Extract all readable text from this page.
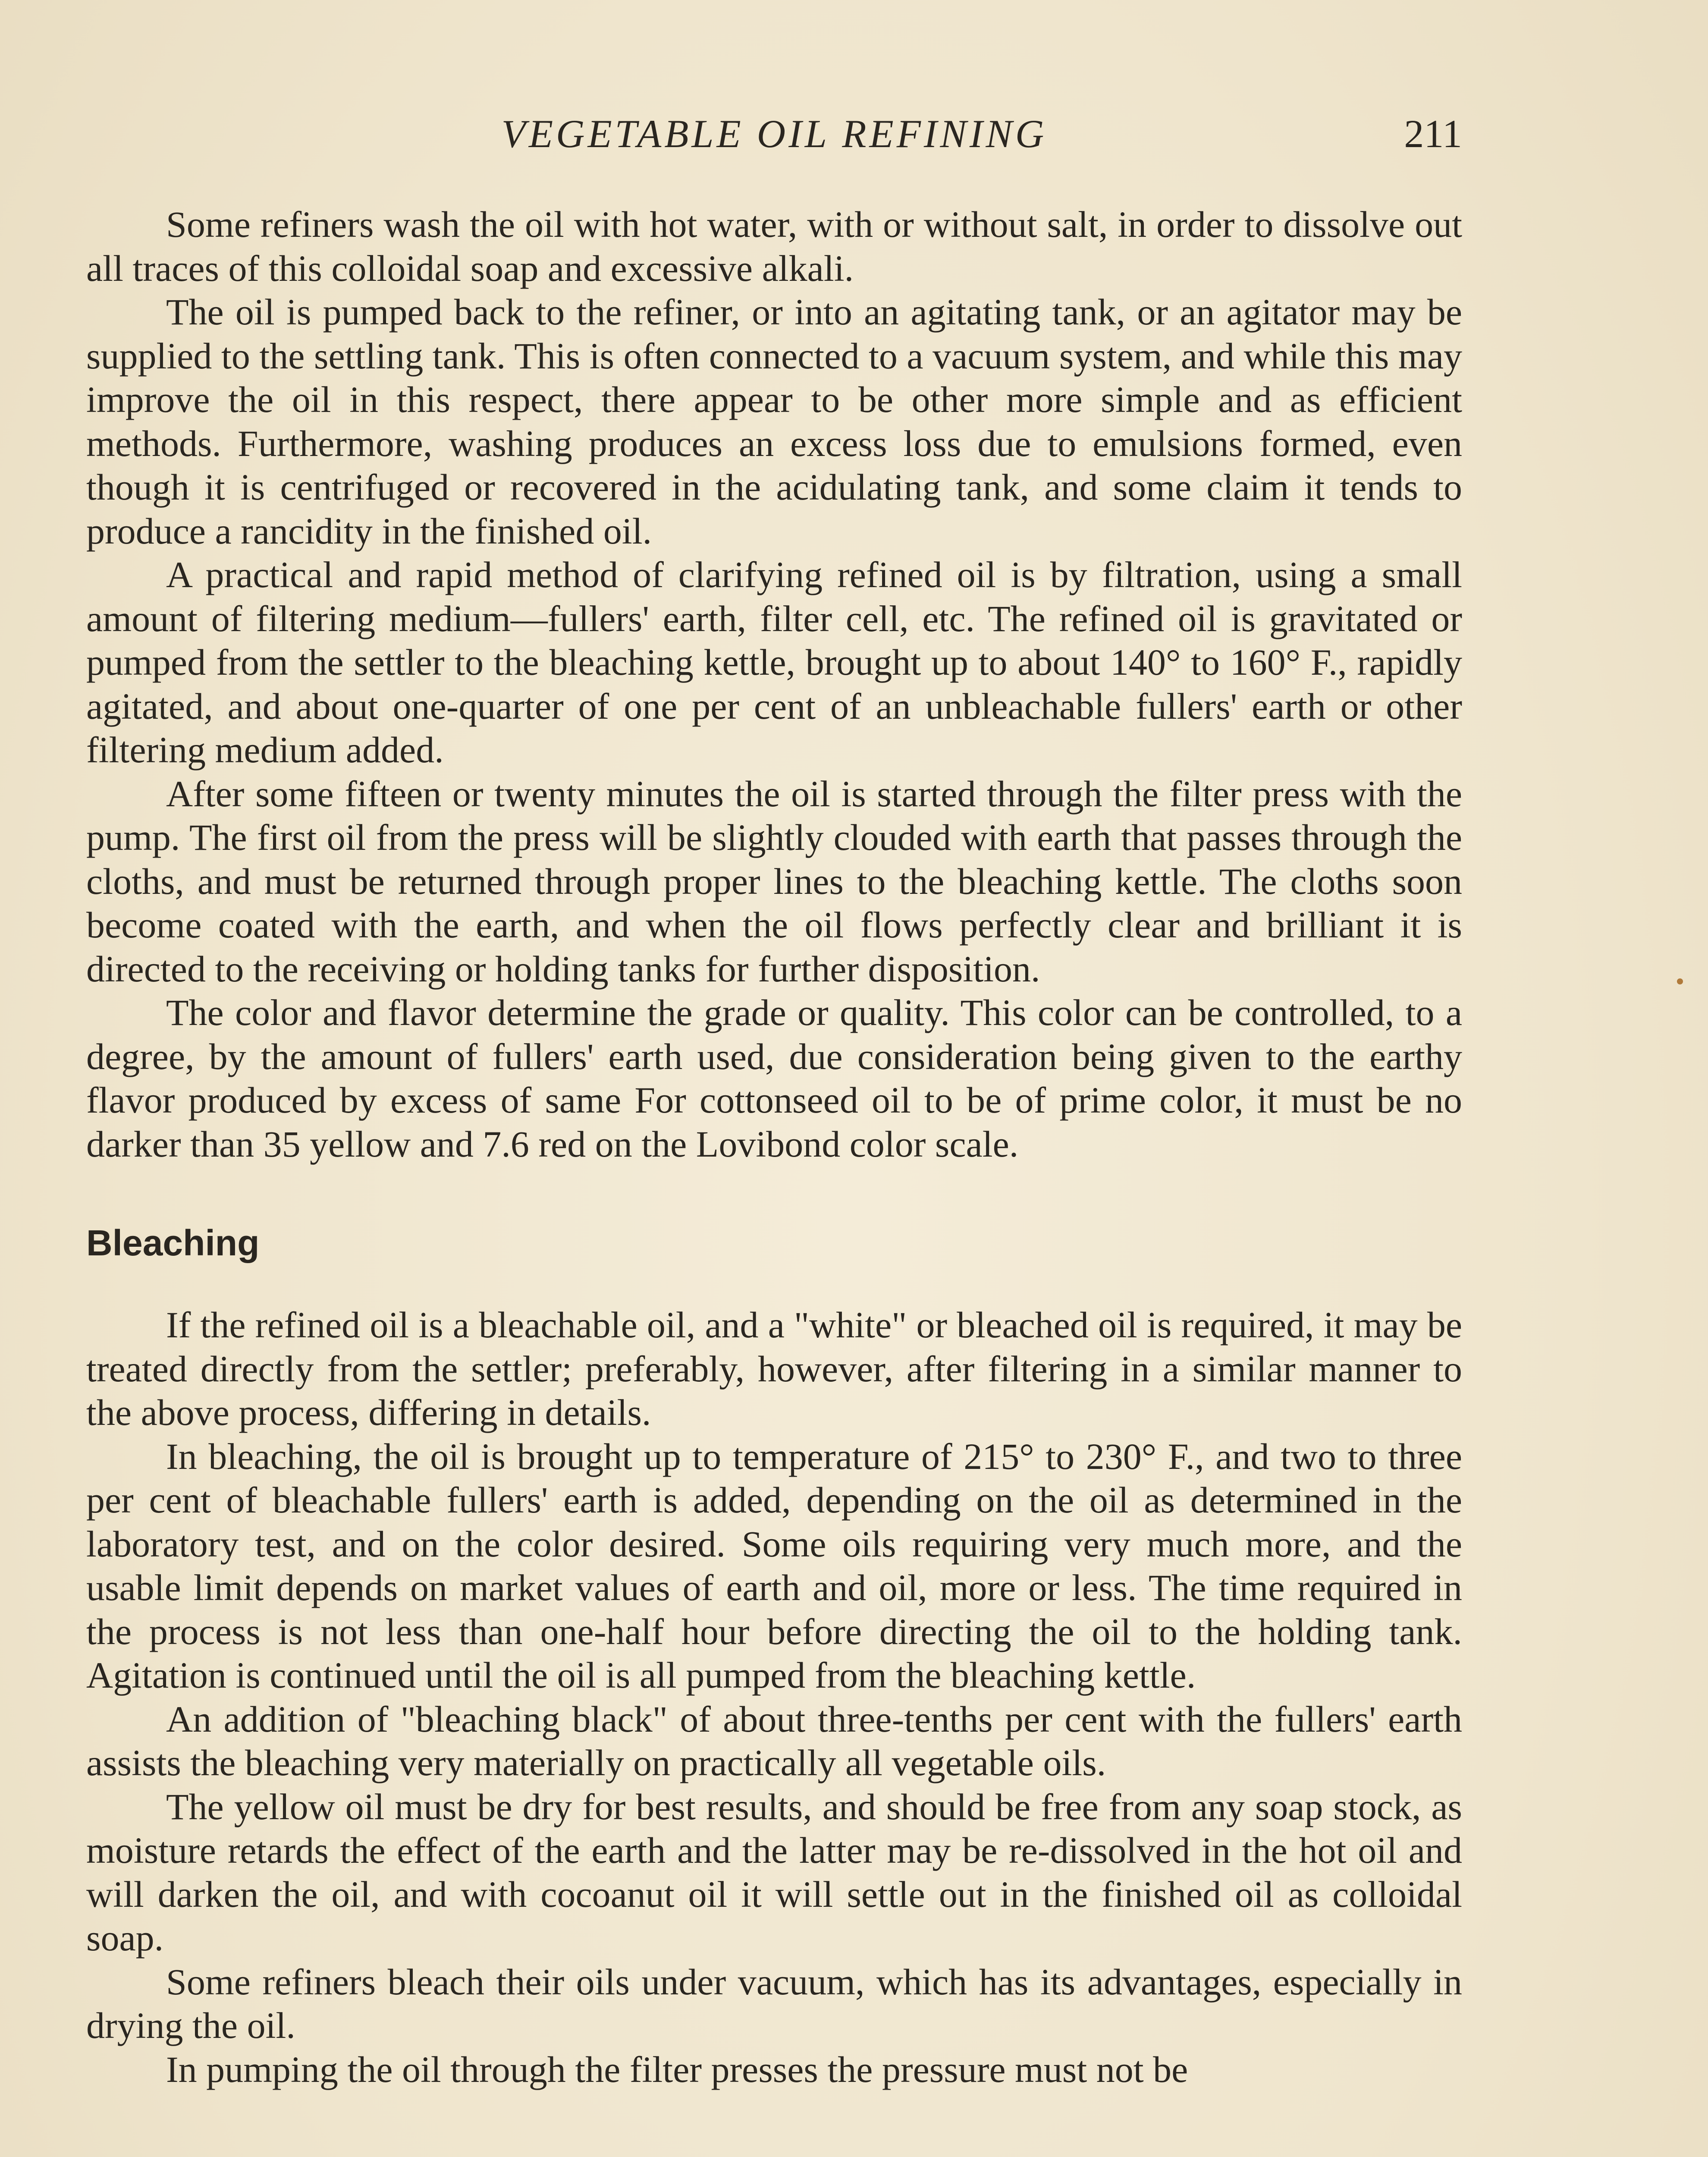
VEGETABLE OIL REFINING	211

Some refiners wash the oil with hot water, with or without salt, in order to dissolve out all traces of this colloidal soap and excessive alkali.

The oil is pumped back to the refiner, or into an agitating tank, or an agitator may be supplied to the settling tank. This is often connected to a vacuum system, and while this may improve the oil in this respect, there appear to be other more simple and as efficient methods. Furthermore, washing produces an excess loss due to emulsions formed, even though it is centrifuged or recovered in the acidulating tank, and some claim it tends to produce a rancidity in the finished oil.

A practical and rapid method of clarifying refined oil is by filtration, using a small amount of filtering medium—fullers' earth, filter cell, etc. The refined oil is gravitated or pumped from the settler to the bleaching kettle, brought up to about 140° to 160° F., rapidly agitated, and about one-quarter of one per cent of an unbleachable fullers' earth or other filtering medium added.

After some fifteen or twenty minutes the oil is started through the filter press with the pump. The first oil from the press will be slightly clouded with earth that passes through the cloths, and must be returned through proper lines to the bleaching kettle. The cloths soon become coated with the earth, and when the oil flows perfectly clear and brilliant it is directed to the receiving or holding tanks for further disposition.

The color and flavor determine the grade or quality. This color can be controlled, to a degree, by the amount of fullers' earth used, due consideration being given to the earthy flavor produced by excess of same For cottonseed oil to be of prime color, it must be no darker than 35 yellow and 7.6 red on the Lovibond color scale.

Bleaching

If the refined oil is a bleachable oil, and a "white" or bleached oil is required, it may be treated directly from the settler; preferably, however, after filtering in a similar manner to the above process, differing in details.

In bleaching, the oil is brought up to temperature of 215° to 230° F., and two to three per cent of bleachable fullers' earth is added, depending on the oil as determined in the laboratory test, and on the color desired. Some oils requiring very much more, and the usable limit depends on market values of earth and oil, more or less. The time required in the process is not less than one-half hour before directing the oil to the holding tank. Agitation is continued until the oil is all pumped from the bleaching kettle.

An addition of "bleaching black" of about three-tenths per cent with the fullers' earth assists the bleaching very materially on practically all vegetable oils.

The yellow oil must be dry for best results, and should be free from any soap stock, as moisture retards the effect of the earth and the latter may be re-dissolved in the hot oil and will darken the oil, and with cocoanut oil it will settle out in the finished oil as colloidal soap.

Some refiners bleach their oils under vacuum, which has its advantages, especially in drying the oil.

In pumping the oil through the filter presses the pressure must not be
